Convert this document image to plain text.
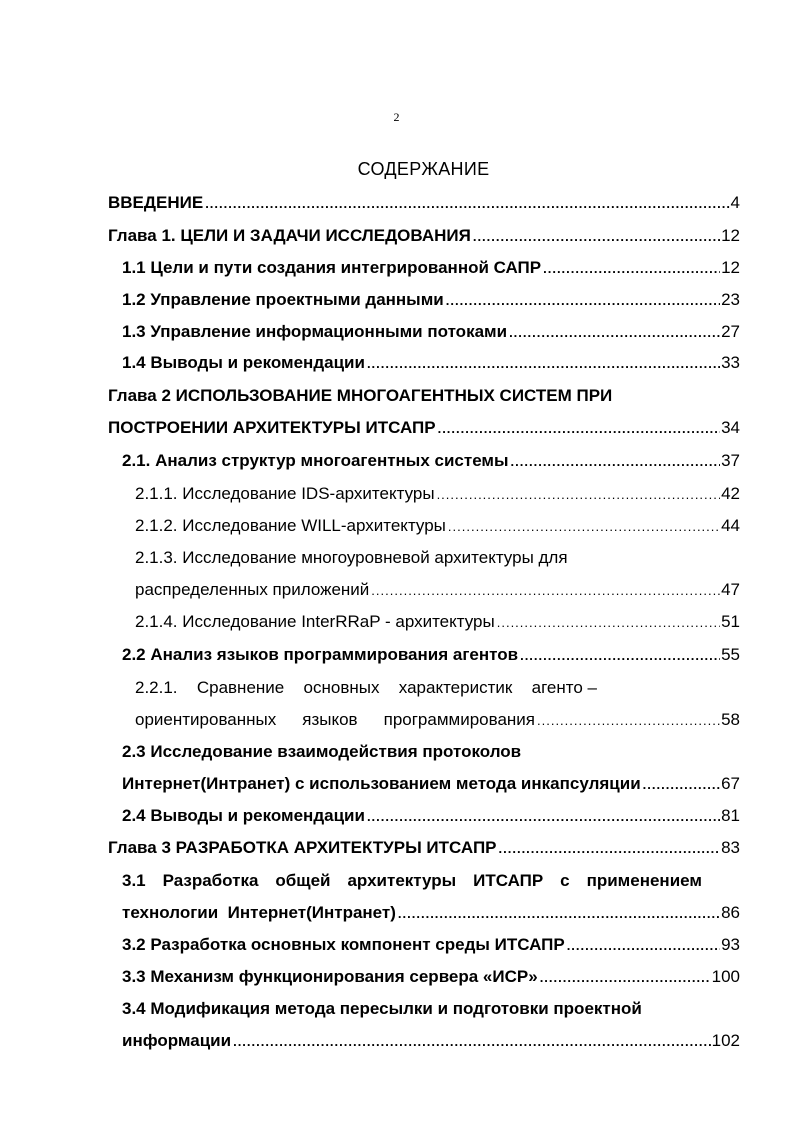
2
СОДЕРЖАНИЕ
ВВЕДЕНИЕ .....	4
Глава 1. ЦЕЛИ И ЗАДАЧИ ИССЛЕДОВАНИЯ .....	12
1.1 Цели и пути создания интегрированной САПР .....	12
1.2 Управление проектными данными .....	23
1.3 Управление информационными потоками .....	27
1.4 Выводы и рекомендации .....	33
Глава 2 ИСПОЛЬЗОВАНИЕ МНОГОАГЕНТНЫХ СИСТЕМ ПРИ
ПОСТРОЕНИИ АРХИТЕКТУРЫ ИТСАПР .....	34
2.1. Анализ структур многоагентных системы .....	37
2.1.1. Исследование IDS-архитектуры .....	42
2.1.2. Исследование WILL-архитектуры .....	44
2.1.3. Исследование многоуровневой архитектуры для
распределенных приложений .....	47
2.1.4. Исследование InterRRaP - архитектуры .....	51
2.2 Анализ языков программирования агентов .....	55
2.2.1. Сравнение основных характеристик агенто –
ориентированных языков программирования .....	58
2.3 Исследование взаимодействия протоколов
Интернет(Интранет) с использованием метода инкапсуляции .....	67
2.4 Выводы и рекомендации .....	81
Глава 3 РАЗРАБОТКА АРХИТЕКТУРЫ ИТСАПР .....	83
3.1 Разработка общей архитектуры ИТСАПР с применением
технологии  Интернет(Интранет) .....	86
3.2 Разработка основных компонент среды ИТСАПР .....	93
3.3 Механизм функционирования сервера «ИСР» .....	100
3.4 Модификация метода пересылки и подготовки проектной
информации .....	102
